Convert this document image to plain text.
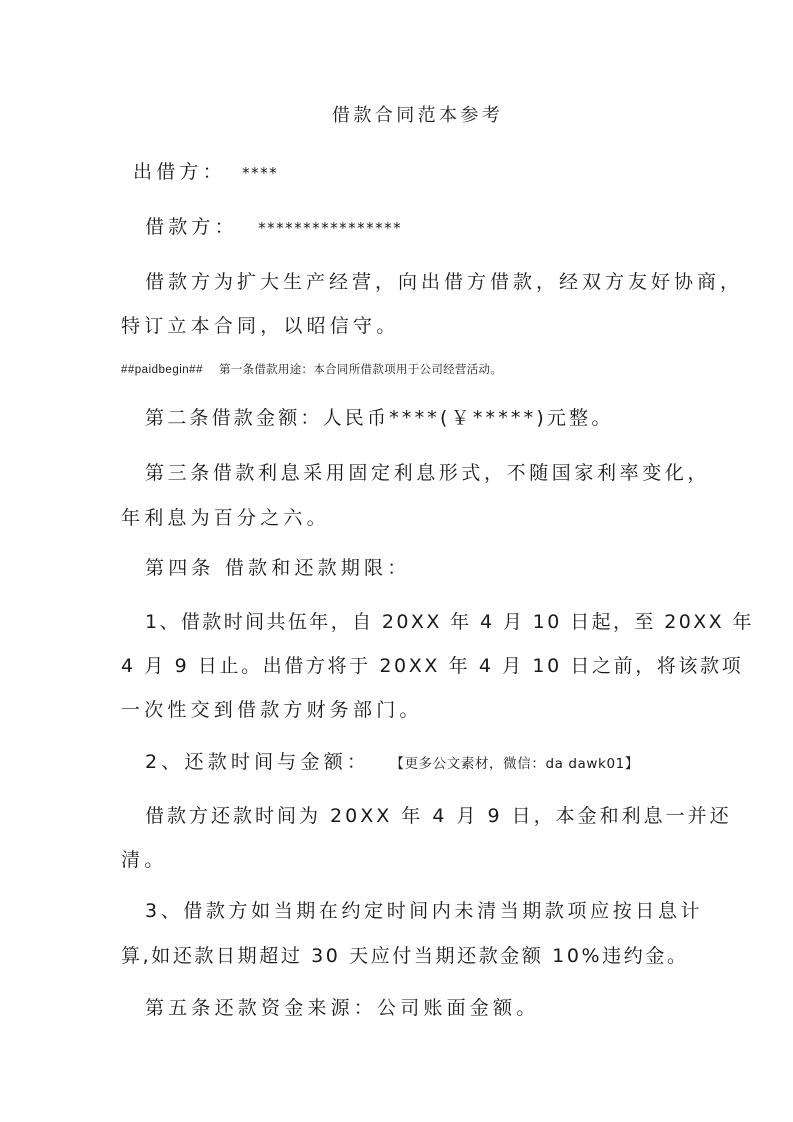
借款合同范本参考
出借方： ****
借款方： ****************
借款方为扩大生产经营，向出借方借款，经双方友好协商，
特订立本合同，以昭信守。
##paidbegin## 第一条借款用途：本合同所借款项用于公司经营活动。
第二条借款金额：人民币****(￥*****)元整。
第三条借款利息采用固定利息形式，不随国家利率变化，
年利息为百分之六。
第四条 借款和还款期限：
1、借款时间共伍年，自 20XX 年 4 月 10 日起，至 20XX 年
4 月 9 日止。出借方将于 20XX 年 4 月 10 日之前，将该款项
一次性交到借款方财务部门。
2、还款时间与金额： 【更多公文素材，微信：da dawk01】
借款方还款时间为 20XX 年 4 月 9 日，本金和利息一并还
清。
3、借款方如当期在约定时间内未清当期款项应按日息计
算,如还款日期超过 30 天应付当期还款金额 10%违约金。
第五条还款资金来源：公司账面金额。
